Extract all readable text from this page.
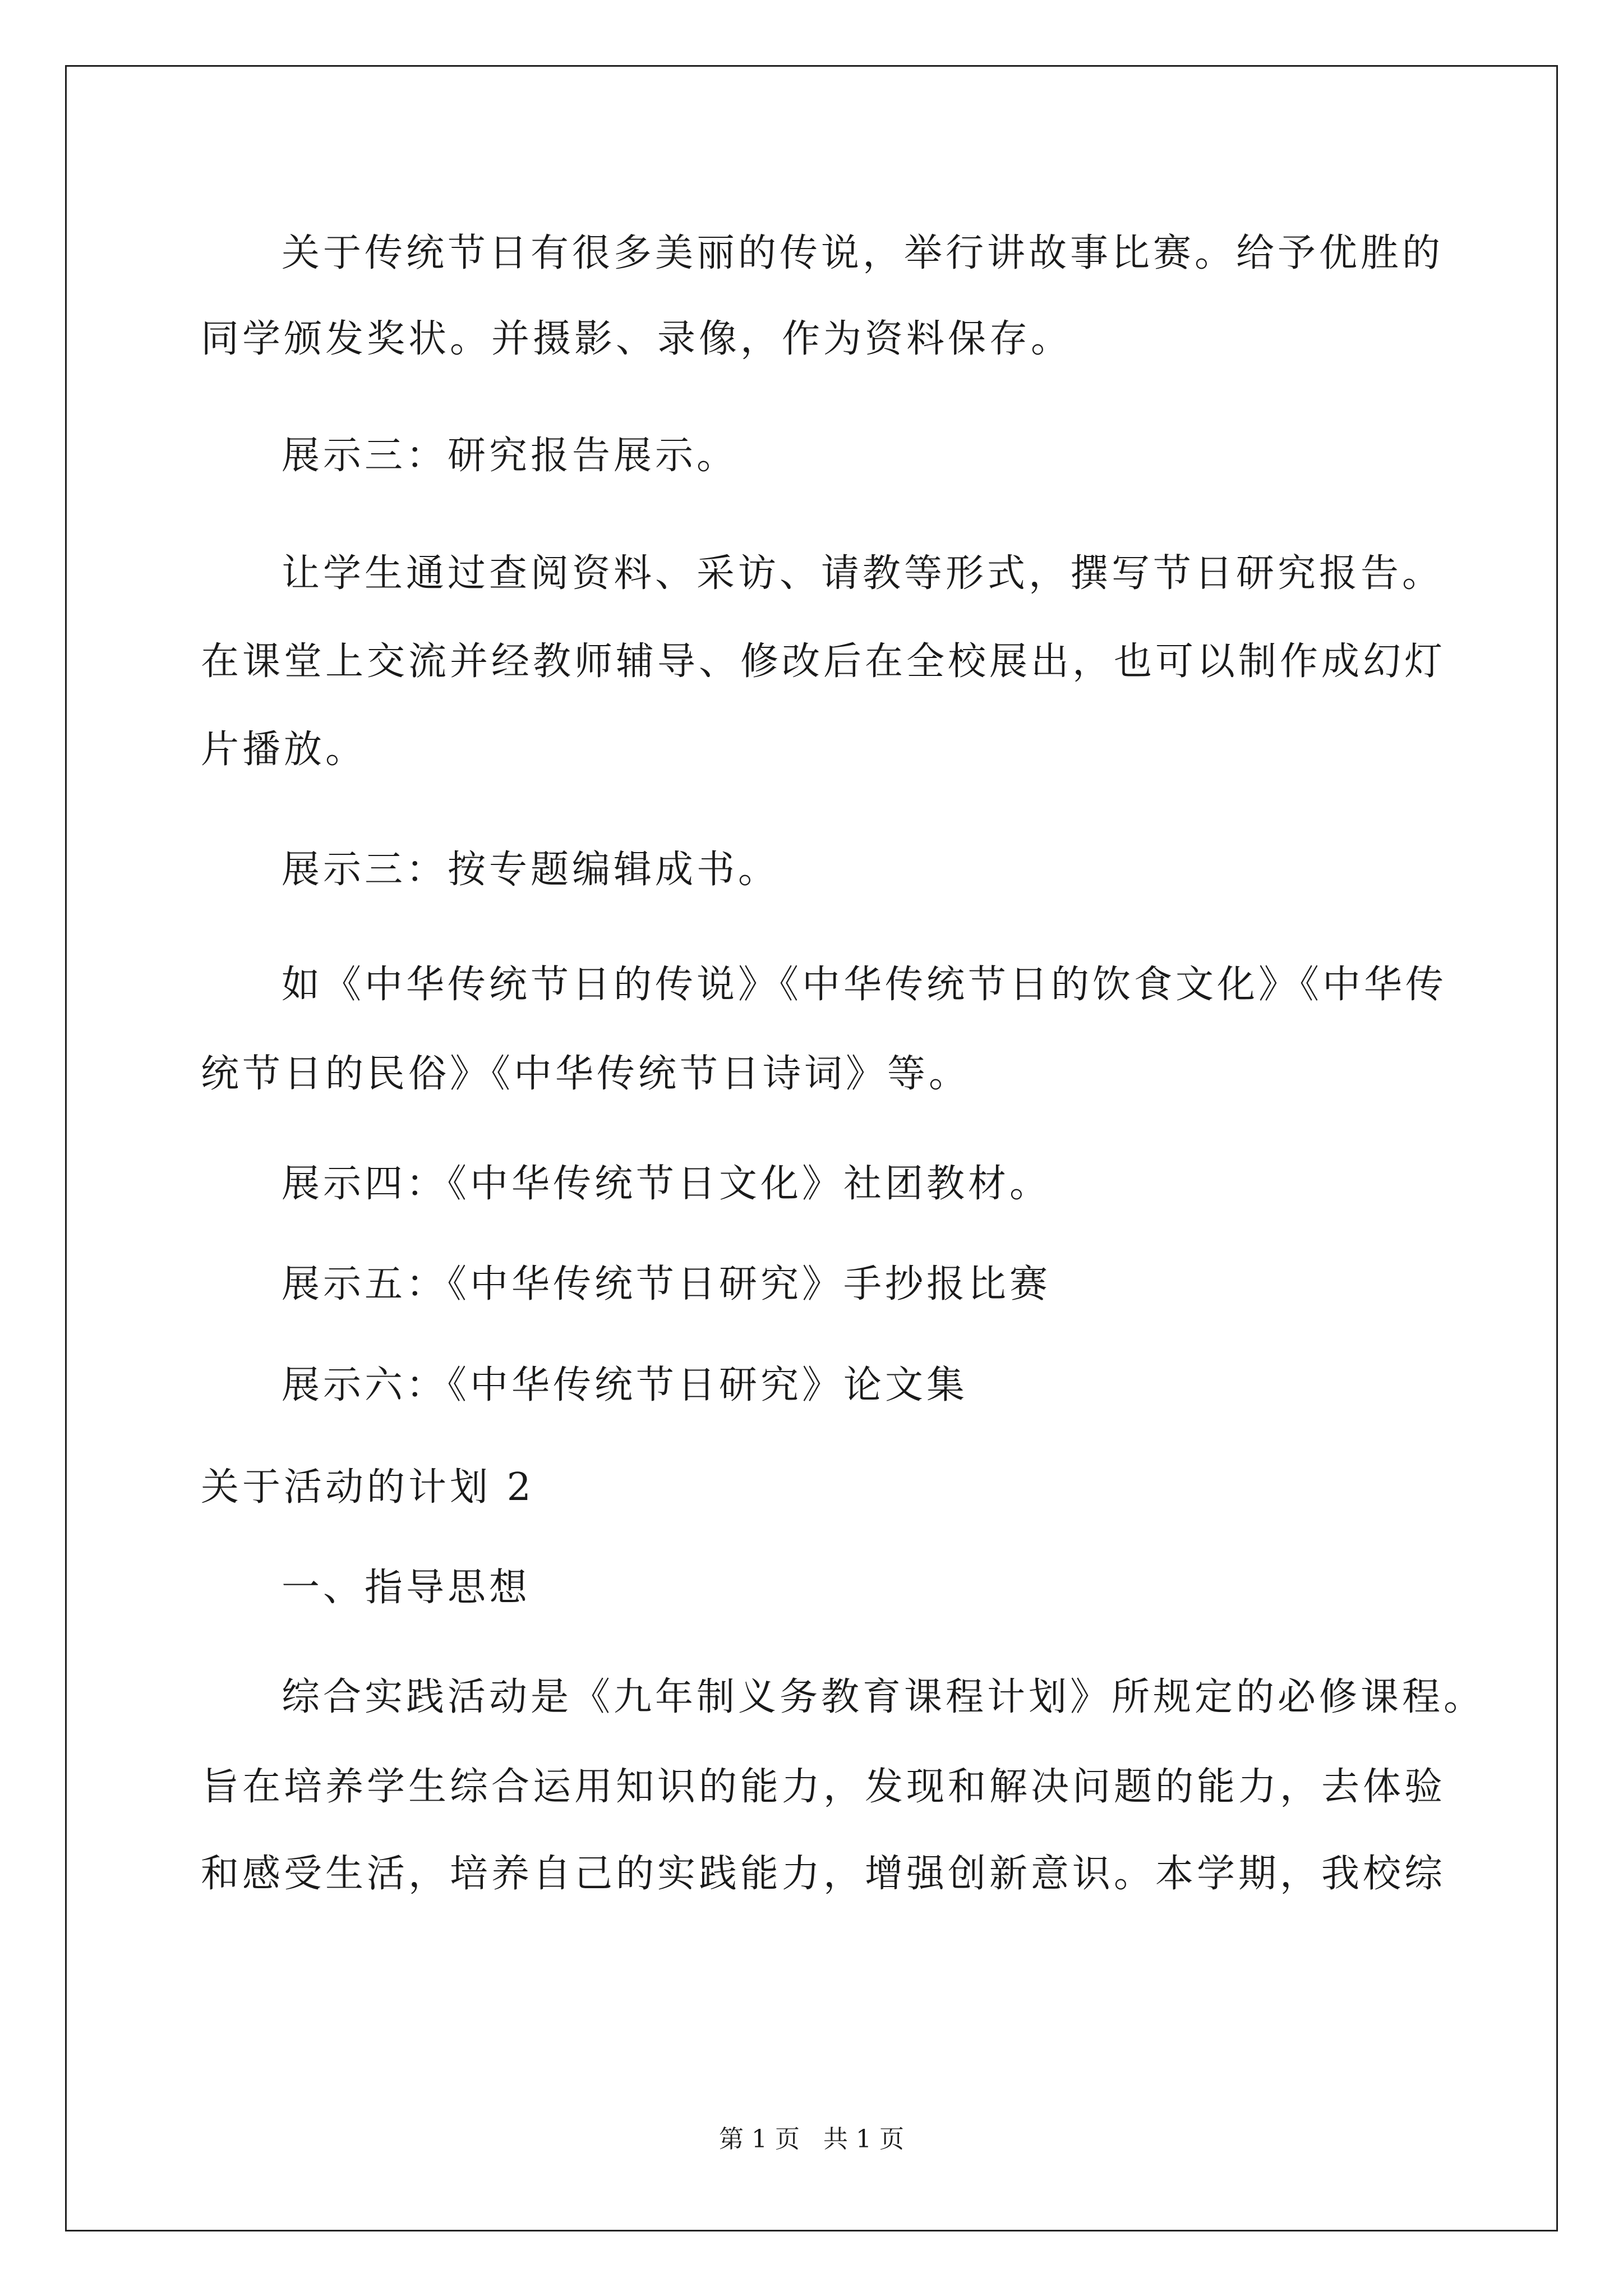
关于传统节日有很多美丽的传说，举行讲故事比赛。给予优胜的
同学颁发奖状。并摄影、录像，作为资料保存。
展示三：研究报告展示。
让学生通过查阅资料、采访、请教等形式，撰写节日研究报告。
在课堂上交流并经教师辅导、修改后在全校展出，也可以制作成幻灯
片播放。
展示三：按专题编辑成书。
如《中华传统节日的传说》《中华传统节日的饮食文化》《中华传
统节日的民俗》《中华传统节日诗词》等。
展示四：《中华传统节日文化》社团教材。
展示五：《中华传统节日研究》手抄报比赛
展示六：《中华传统节日研究》论文集
关于活动的计划 2
一、指导思想
综合实践活动是《九年制义务教育课程计划》所规定的必修课程。
旨在培养学生综合运用知识的能力，发现和解决问题的能力，去体验
和感受生活，培养自己的实践能力，增强创新意识。本学期，我校综
第 1 页   共 1 页
